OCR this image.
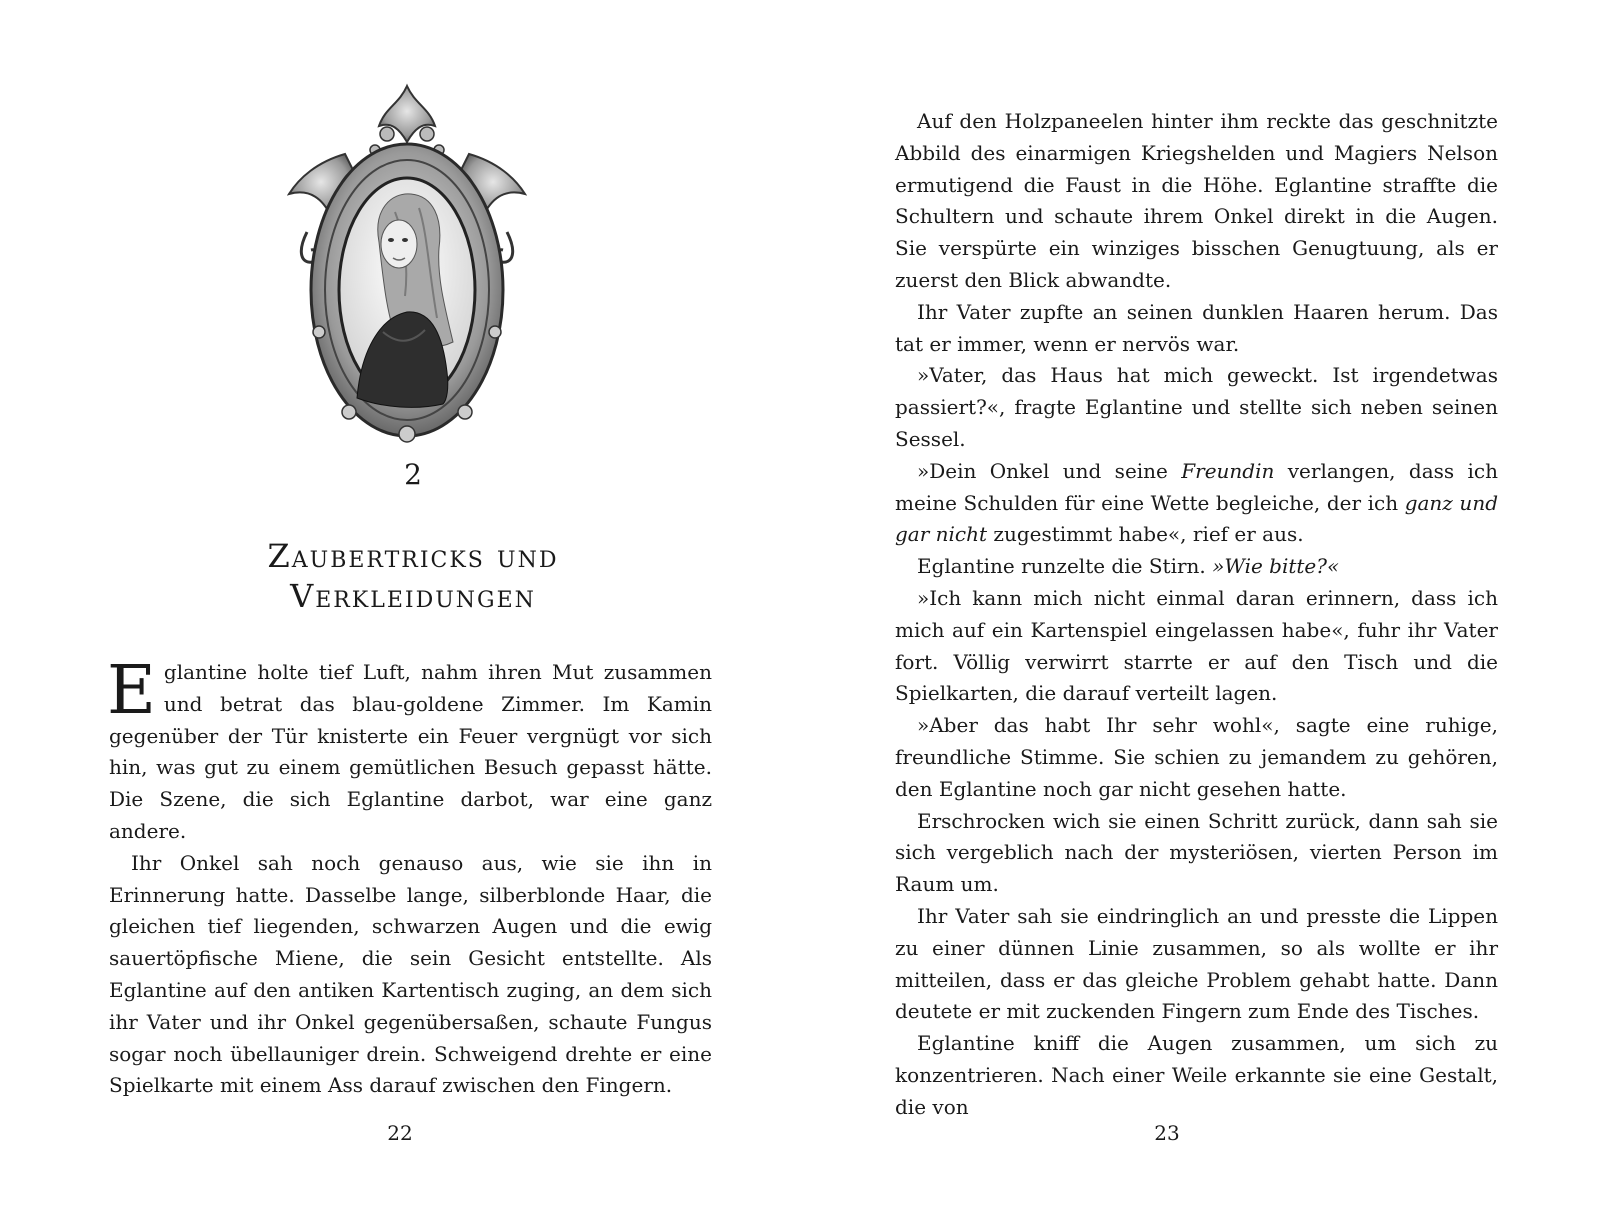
2
Zaubertricks und
Verkleidungen

Eglantine holte tief Luft, nahm ihren Mut zusammen und betrat das blau-goldene Zimmer. Im Kamin gegenüber der Tür knisterte ein Feuer vergnügt vor sich hin, was gut zu einem gemütlichen Besuch gepasst hätte. Die Szene, die sich Eglantine darbot, war eine ganz andere.

Ihr Onkel sah noch genauso aus, wie sie ihn in Erinnerung hatte. Dasselbe lange, silberblonde Haar, die gleichen tief liegenden, schwarzen Augen und die ewig sauertöpfische Miene, die sein Gesicht entstellte. Als Eglantine auf den antiken Kartentisch zuging, an dem sich ihr Vater und ihr Onkel gegenübersaßen, schaute Fungus sogar noch übellauniger drein. Schweigend drehte er eine Spielkarte mit einem Ass darauf zwischen den Fingern.

22

Auf den Holzpaneelen hinter ihm reckte das geschnitzte Abbild des einarmigen Kriegshelden und Magiers Nelson ermutigend die Faust in die Höhe. Eglantine straffte die Schultern und schaute ihrem Onkel direkt in die Augen. Sie verspürte ein winziges bisschen Genugtuung, als er zuerst den Blick abwandte.

Ihr Vater zupfte an seinen dunklen Haaren herum. Das tat er immer, wenn er nervös war.

»Vater, das Haus hat mich geweckt. Ist irgendetwas passiert?«, fragte Eglantine und stellte sich neben seinen Sessel.

»Dein Onkel und seine Freundin verlangen, dass ich meine Schulden für eine Wette begleiche, der ich ganz und gar nicht zugestimmt habe«, rief er aus.

Eglantine runzelte die Stirn. »Wie bitte?«

»Ich kann mich nicht einmal daran erinnern, dass ich mich auf ein Kartenspiel eingelassen habe«, fuhr ihr Vater fort. Völlig verwirrt starrte er auf den Tisch und die Spielkarten, die darauf verteilt lagen.

»Aber das habt Ihr sehr wohl«, sagte eine ruhige, freundliche Stimme. Sie schien zu jemandem zu gehören, den Eglantine noch gar nicht gesehen hatte.

Erschrocken wich sie einen Schritt zurück, dann sah sie sich vergeblich nach der mysteriösen, vierten Person im Raum um.

Ihr Vater sah sie eindringlich an und presste die Lippen zu einer dünnen Linie zusammen, so als wollte er ihr mitteilen, dass er das gleiche Problem gehabt hatte. Dann deutete er mit zuckenden Fingern zum Ende des Tisches.

Eglantine kniff die Augen zusammen, um sich zu konzentrieren. Nach einer Weile erkannte sie eine Gestalt, die von

23
